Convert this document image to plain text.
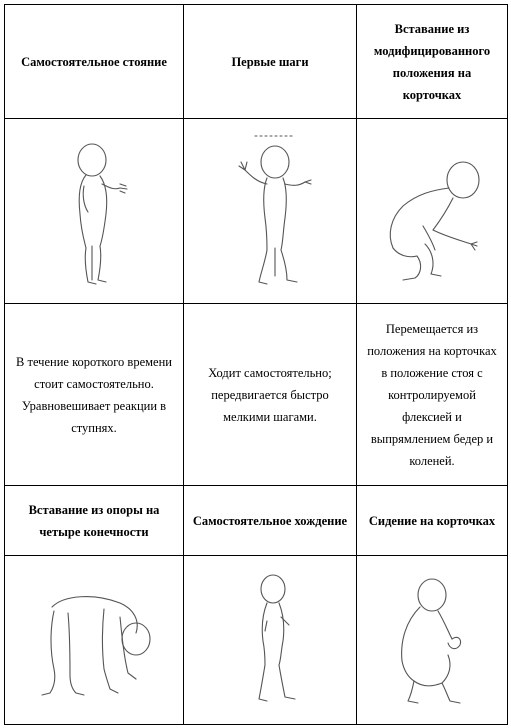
Самостоятельное стояние	Первые шаги	Вставание из модифицированного положения на корточках

В течение короткого времени стоит самостоятельно. Уравновешивает реакции в ступнях.	Ходит самостоятельно; передвигается быстро мелкими шагами.	Перемещается из положения на корточках в положение стоя с контролируемой флексией и выпрямлением бедер и коленей.
Вставание из опоры на четыре конечности	Самостоятельное хождение	Сидение на корточках
